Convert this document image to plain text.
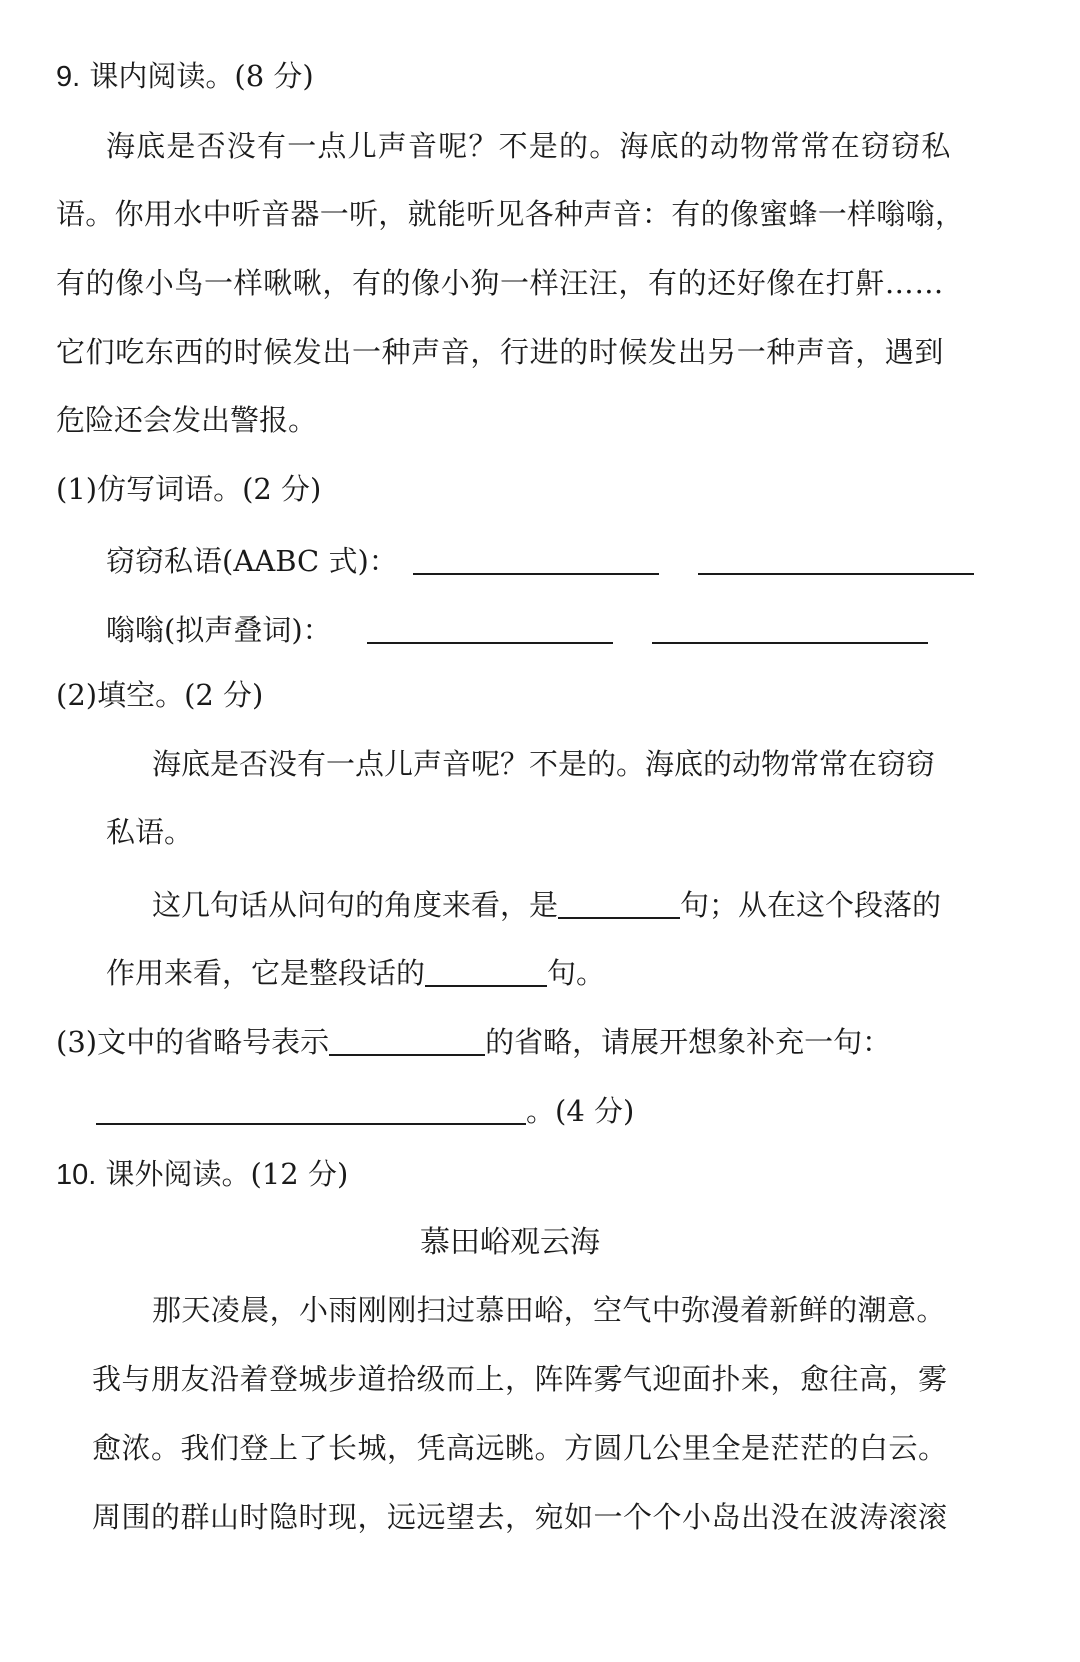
9. 课内阅读。(8 分)
海底是否没有一点儿声音呢？不是的。海底的动物常常在窃窃私
语。你用水中听音器一听，就能听见各种声音：有的像蜜蜂一样嗡嗡，
有的像小鸟一样啾啾，有的像小狗一样汪汪，有的还好像在打鼾……
它们吃东西的时候发出一种声音，行进的时候发出另一种声音，遇到
危险还会发出警报。
(1)仿写词语。(2 分)
窃窃私语(AABC 式)：
嗡嗡(拟声叠词)：
(2)填空。(2 分)
海底是否没有一点儿声音呢？不是的。海底的动物常常在窃窃
私语。
这几句话从问句的角度来看，是	句；从在这个段落的
作用来看，它是整段话的	句。
(3)文中的省略号表示	的省略，请展开想象补充一句：
。(4 分)
10. 课外阅读。(12 分)
慕田峪观云海
那天凌晨，小雨刚刚扫过慕田峪，空气中弥漫着新鲜的潮意。
我与朋友沿着登城步道拾级而上，阵阵雾气迎面扑来，愈往高，雾
愈浓。我们登上了长城，凭高远眺。方圆几公里全是茫茫的白云。
周围的群山时隐时现，远远望去，宛如一个个小岛出没在波涛滚滚
